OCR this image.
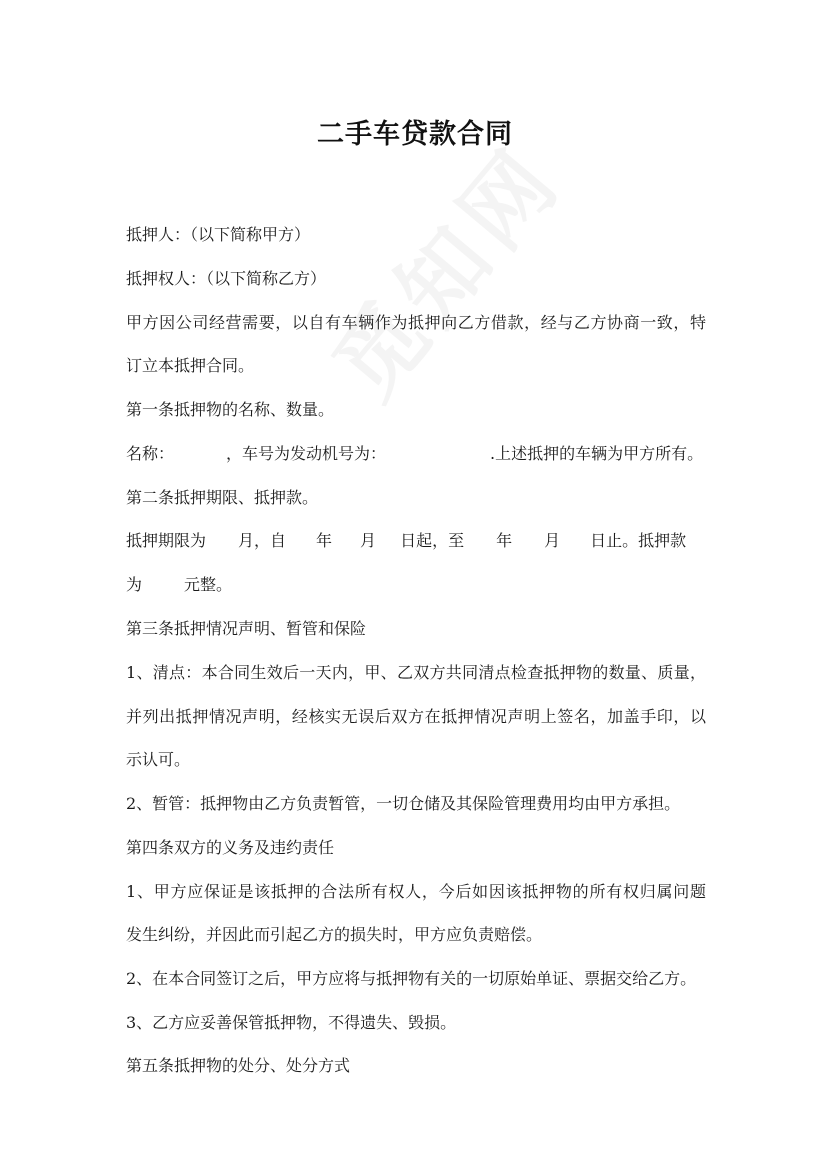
二手车贷款合同
抵押人：（以下简称甲方）
抵押权人：（以下简称乙方）
甲方因公司经营需要，以自有车辆作为抵押向乙方借款，经与乙方协商一致，特
订立本抵押合同。
第一条抵押物的名称、数量。
名称：	，车号为发动机号为：	.上述抵押的车辆为甲方所有。
第二条抵押期限、抵押款。
抵押期限为 月，自 年 月 日起，至 年 月 日止。抵押款
为	元整。
第三条抵押情况声明、暂管和保险
1、清点：本合同生效后一天内，甲、乙双方共同清点检查抵押物的数量、质量，
并列出抵押情况声明，经核实无误后双方在抵押情况声明上签名，加盖手印，以
示认可。
2、暂管：抵押物由乙方负责暂管，一切仓储及其保险管理费用均由甲方承担。
第四条双方的义务及违约责任
1、甲方应保证是该抵押的合法所有权人，今后如因该抵押物的所有权归属问题
发生纠纷，并因此而引起乙方的损失时，甲方应负责赔偿。
2、在本合同签订之后，甲方应将与抵押物有关的一切原始单证、票据交给乙方。
3、乙方应妥善保管抵押物，不得遗失、毁损。
第五条抵押物的处分、处分方式
